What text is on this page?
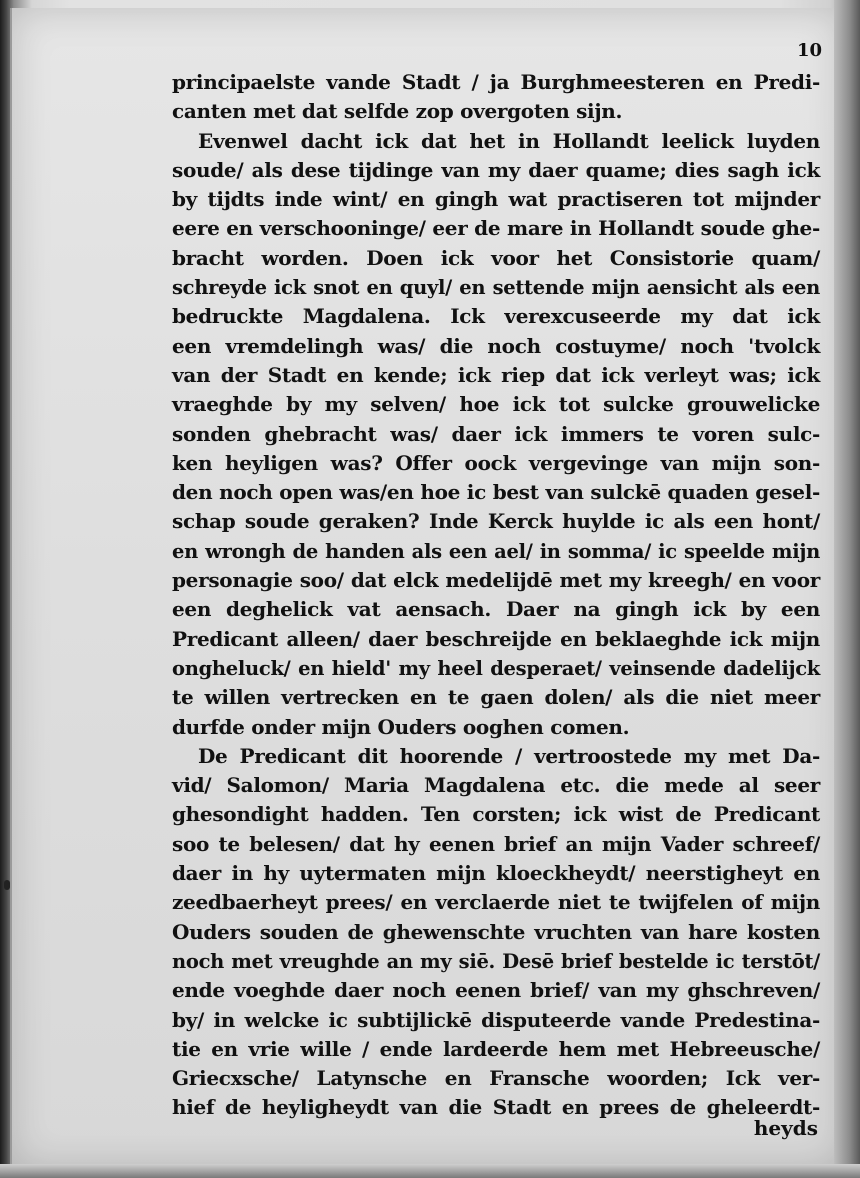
10
principaelste vande Stadt / ja Burghmeesteren en Predi-
canten met dat selfde zop overgoten sijn.
Evenwel dacht ick dat het in Hollandt leelick luyden
soude/ als dese tijdinge van my daer quame; dies sagh ick
by tijdts inde wint/ en gingh wat practiseren tot mijnder
eere en verschooninge/ eer de mare in Hollandt soude ghe-
bracht worden. Doen ick voor het Consistorie quam/
schreyde ick snot en quyl/ en settende mijn aensicht als een
bedruckte Magdalena. Ick verexcuseerde my dat ick
een vremdelingh was/ die noch costuyme/ noch 'tvolck
van der Stadt en kende; ick riep dat ick verleyt was; ick
vraeghde by my selven/ hoe ick tot sulcke grouwelicke
sonden ghebracht was/ daer ick immers te voren sulc-
ken heyligen was? Offer oock vergevinge van mijn son-
den noch open was/en hoe ic best van sulckē quaden gesel-
schap soude geraken? Inde Kerck huylde ic als een hont/
en wrongh de handen als een ael/ in somma/ ic speelde mijn
personagie soo/ dat elck medelijdē met my kreegh/ en voor
een deghelick vat aensach. Daer na gingh ick by een
Predicant alleen/ daer beschreijde en beklaeghde ick mijn
ongheluck/ en hield' my heel desperaet/ veinsende dadelijck
te willen vertrecken en te gaen dolen/ als die niet meer
durfde onder mijn Ouders ooghen comen.
De Predicant dit hoorende / vertroostede my met Da-
vid/ Salomon/ Maria Magdalena etc. die mede al seer
ghesondight hadden. Ten corsten; ick wist de Predicant
soo te belesen/ dat hy eenen brief an mijn Vader schreef/
daer in hy uytermaten mijn kloeckheydt/ neerstigheyt en
zeedbaerheyt prees/ en verclaerde niet te twijfelen of mijn
Ouders souden de ghewenschte vruchten van hare kosten
noch met vreughde an my siē. Desē brief bestelde ic terstōt/
ende voeghde daer noch eenen brief/ van my ghschreven/
by/ in welcke ic subtijlickē disputeerde vande Predestina-
tie en vrie wille / ende lardeerde hem met Hebreeusche/
Griecxsche/ Latynsche en Fransche woorden; Ick ver-
hief de heyligheydt van die Stadt en prees de gheleerdt-
heyds
